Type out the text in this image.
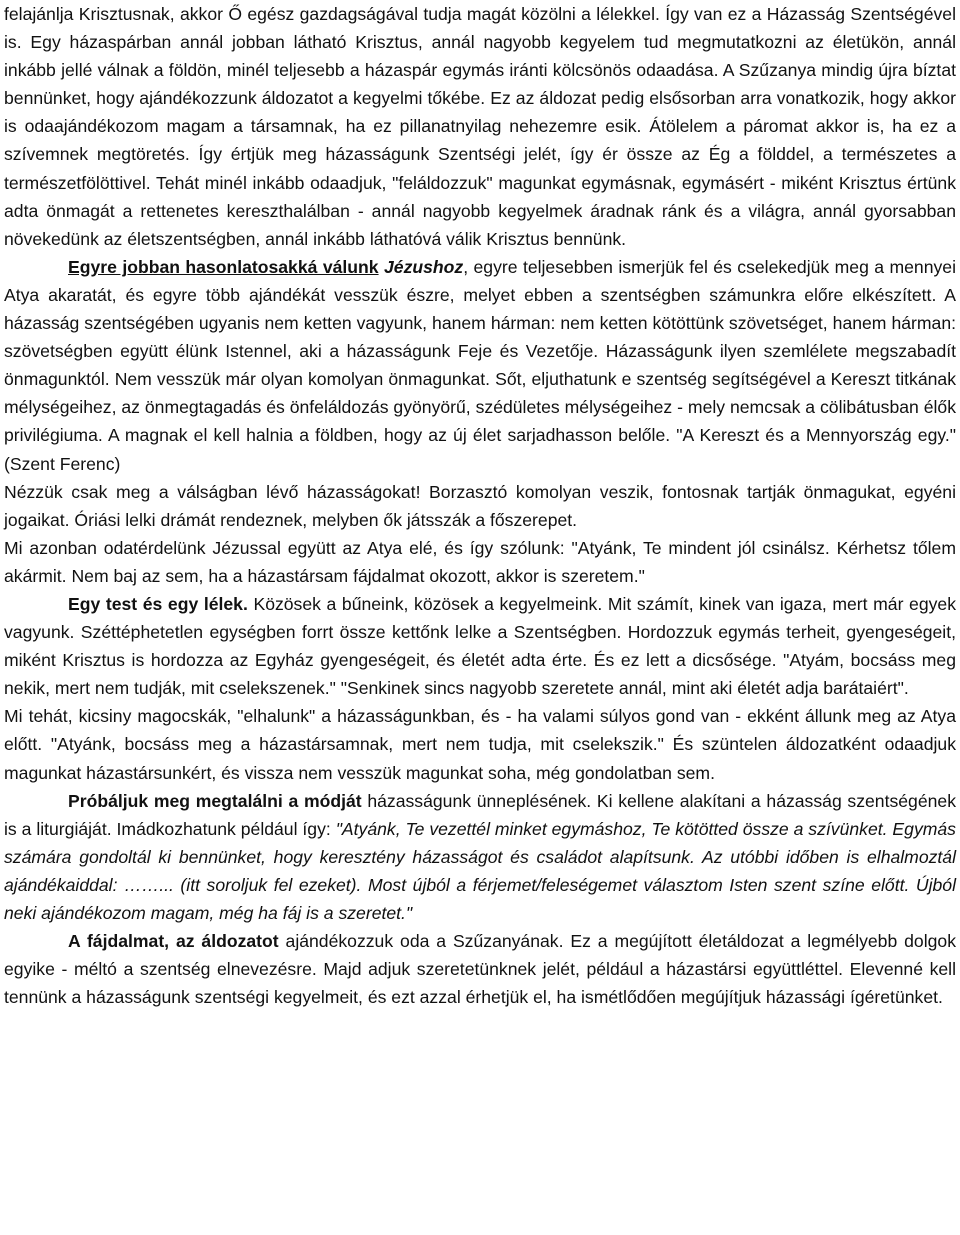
felajánlja Krisztusnak, akkor Ő egész gazdagságával tudja magát közölni a lélekkel. Így van ez a Házasság Szentségével is. Egy házaspárban annál jobban látható Krisztus, annál nagyobb kegyelem tud megmutatkozni az életükön, annál inkább jellé válnak a földön, minél teljesebb a házaspár egymás iránti kölcsönös odaadása. A Szűzanya mindig újra bíztat bennünket, hogy ajándékozzunk áldozatot a kegyelmi tőkébe. Ez az áldozat pedig elsősorban arra vonatkozik, hogy akkor is odaajándékozom magam a társamnak, ha ez pillanatnyilag nehezemre esik. Átölelem a páromat akkor is, ha ez a szívemnek megtöretés. Így értjük meg házasságunk Szentségi jelét, így ér össze az Ég a földdel, a természetes a természetfölöttivel. Tehát minél inkább odaadjuk, "feláldozzuk" magunkat egymásnak, egymásért - miként Krisztus értünk adta önmagát a rettenetes kereszthalálban - annál nagyobb kegyelmek áradnak ránk és a világra, annál gyorsabban növekedünk az életszentségben, annál inkább láthatóvá válik Krisztus bennünk.

Egyre jobban hasonlatosakká válunk Jézushoz, egyre teljesebben ismerjük fel és cselekedjük meg a mennyei Atya akaratát, és egyre több ajándékát vesszük észre, melyet ebben a szentségben számunkra előre elkészített. A házasság szentségében ugyanis nem ketten vagyunk, hanem hárman: nem ketten kötöttünk szövetséget, hanem hárman: szövetségben együtt élünk Istennel, aki a házasságunk Feje és Vezetője. Házasságunk ilyen szemlélete megszabadít önmagunktól. Nem vesszük már olyan komolyan önmagunkat. Sőt, eljuthatunk e szentség segítségével a Kereszt titkának mélységeihez, az önmegtagadás és önfeláldozás gyönyörű, szédületes mélységeihez - mely nemcsak a cölibátusban élők privilégiuma. A magnak el kell halnia a földben, hogy az új élet sarjadhasson belőle. "A Kereszt és a Mennyország egy." (Szent Ferenc)

Nézzük csak meg a válságban lévő házasságokat! Borzasztó komolyan veszik, fontosnak tartják önmagukat, egyéni jogaikat. Óriási lelki drámát rendeznek, melyben ők játsszák a főszerepet.

Mi azonban odatérdelünk Jézussal együtt az Atya elé, és így szólunk: "Atyánk, Te mindent jól csinálsz. Kérhetsz tőlem akármit. Nem baj az sem, ha a házastársam fájdalmat okozott, akkor is szeretem."

Egy test és egy lélek. Közösek a bűneink, közösek a kegyelmeink. Mit számít, kinek van igaza, mert már egyek vagyunk. Széttéphetetlen egységben forrt össze kettőnk lelke a Szentségben. Hordozzuk egymás terheit, gyengeségeit, miként Krisztus is hordozza az Egyház gyengeségeit, és életét adta érte. És ez lett a dicsősége. "Atyám, bocsáss meg nekik, mert nem tudják, mit cselekszenek." "Senkinek sincs nagyobb szeretete annál, mint aki életét adja barátaiért".

Mi tehát, kicsiny magocskák, "elhalunk" a házasságunkban, és - ha valami súlyos gond van - ekként állunk meg az Atya előtt. "Atyánk, bocsáss meg a házastársamnak, mert nem tudja, mit cselekszik." És szüntelen áldozatként odaadjuk magunkat házastársunkért, és vissza nem vesszük magunkat soha, még gondolatban sem.

Próbáljuk meg megtalálni a módját házasságunk ünneplésének. Ki kellene alakítani a házasság szentségének is a liturgiáját. Imádkozhatunk például így: "Atyánk, Te vezettél minket egymáshoz, Te kötötted össze a szívünket. Egymás számára gondoltál ki bennünket, hogy keresztény házasságot és családot alapítsunk. Az utóbbi időben is elhalmoztál ajándékaiddal: ……... (itt soroljuk fel ezeket). Most újból a férjemet/feleségemet választom Isten szent színe előtt. Újból neki ajándékozom magam, még ha fáj is a szeretet."

A fájdalmat, az áldozatot ajándékozzuk oda a Szűzanyának. Ez a megújított életáldozat a legmélyebb dolgok egyike - méltó a szentség elnevezésre. Majd adjuk szeretetünknek jelét, például a házastársi együttléttel. Elevenné kell tennünk a házasságunk szentségi kegyelmeit, és ezt azzal érhetjük el, ha ismétlődően megújítjuk házassági ígéretünket.
